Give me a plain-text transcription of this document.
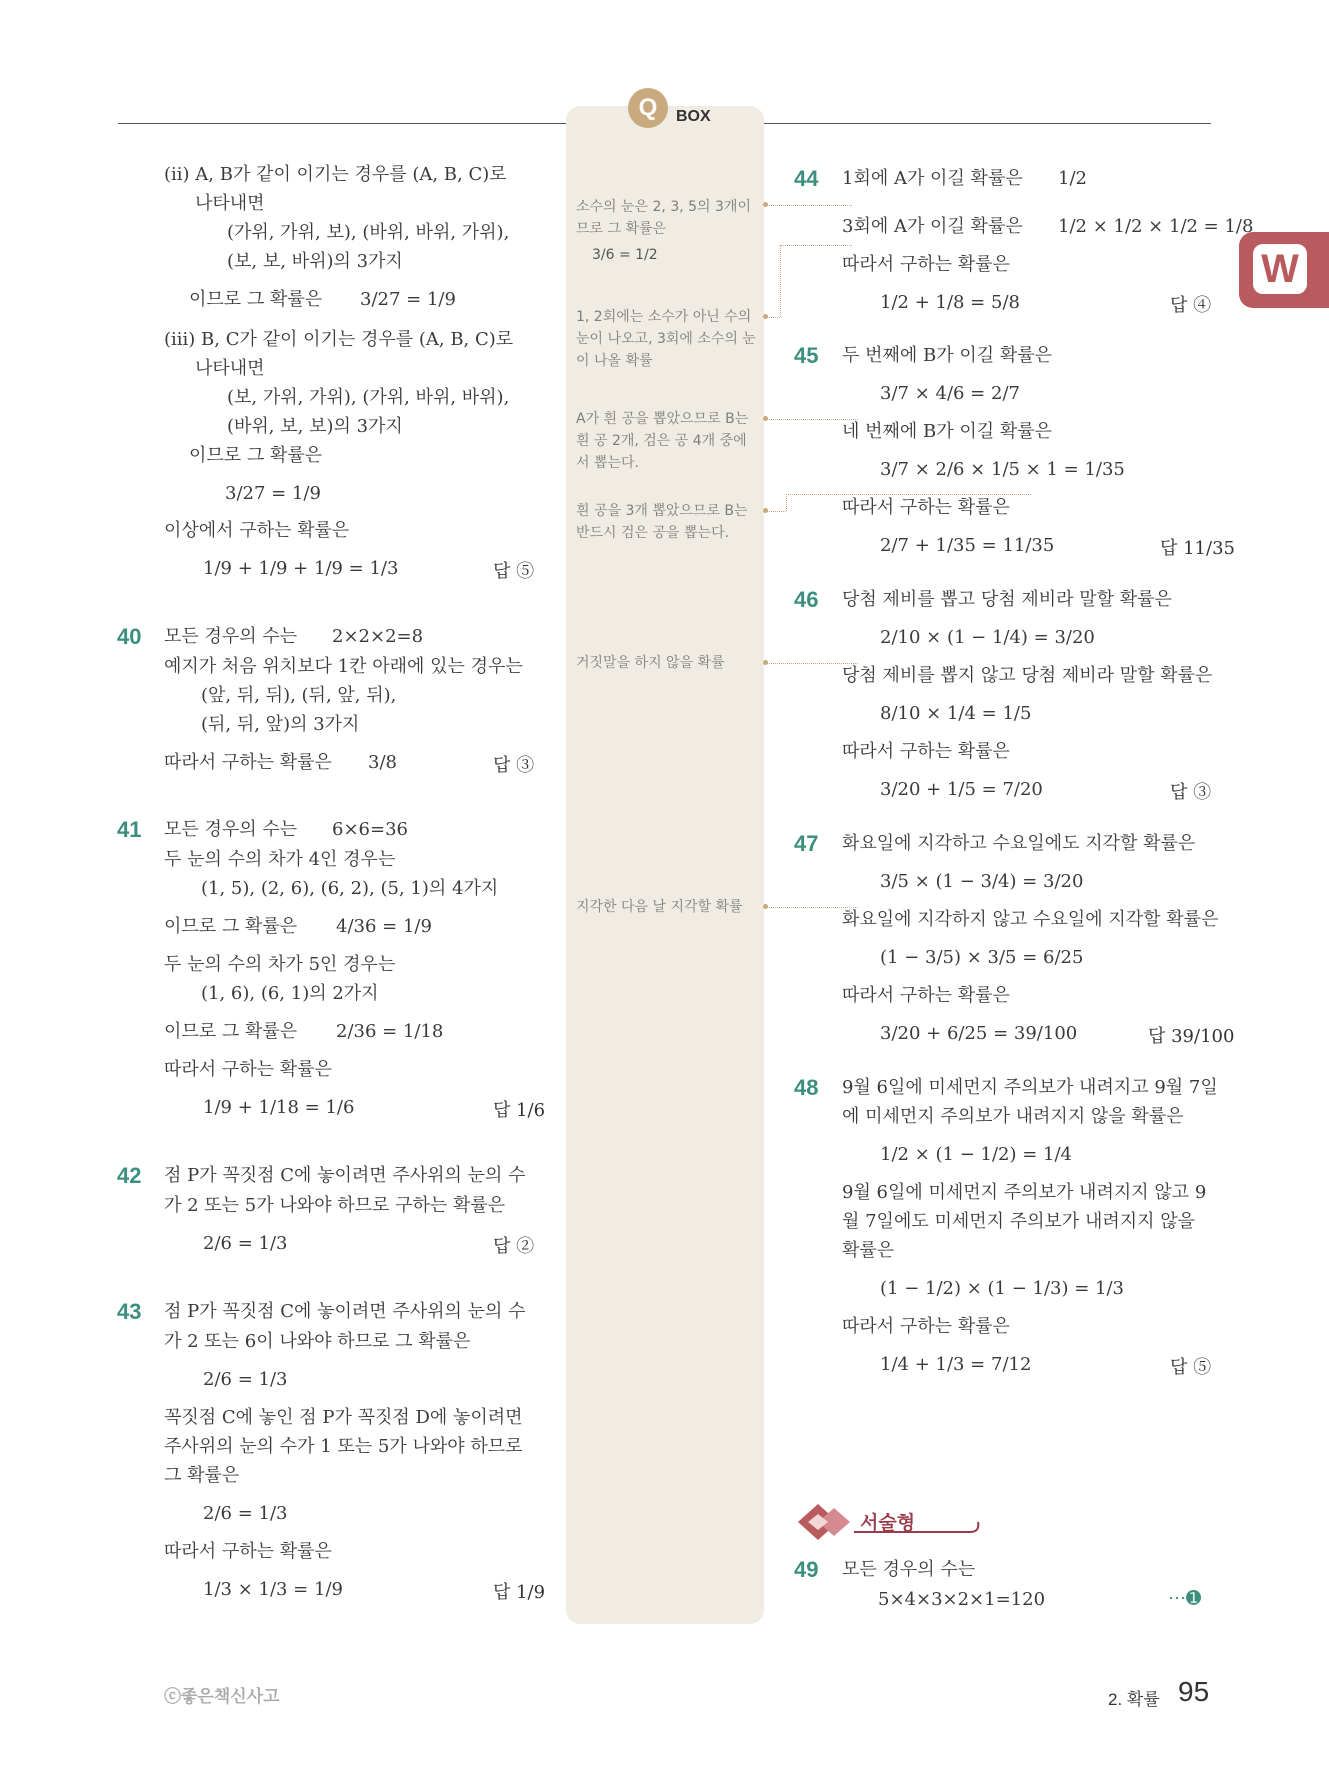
Q	BOX
W
(ii) A, B가 같이 이기는 경우를 (A, B, C)로
나타내면
(가위, 가위, 보), (바위, 바위, 가위),
(보, 보, 바위)의 3가지
이므로 그 확률은 3/27 = 1/9
(iii) B, C가 같이 이기는 경우를 (A, B, C)로
나타내면
(보, 가위, 가위), (가위, 바위, 바위),
(바위, 보, 보)의 3가지
이므로 그 확률은
3/27 = 1/9
이상에서 구하는 확률은
1/9 + 1/9 + 1/9 = 1/3	답 ⑤
40 모든 경우의 수는 2×2×2=8
예지가 처음 위치보다 1칸 아래에 있는 경우는
(앞, 뒤, 뒤), (뒤, 앞, 뒤),
(뒤, 뒤, 앞)의 3가지
따라서 구하는 확률은 3/8	답 ③
41 모든 경우의 수는 6×6=36
두 눈의 수의 차가 4인 경우는
(1, 5), (2, 6), (6, 2), (5, 1)의 4가지
이므로 그 확률은 4/36 = 1/9
두 눈의 수의 차가 5인 경우는
(1, 6), (6, 1)의 2가지
이므로 그 확률은 2/36 = 1/18
따라서 구하는 확률은
1/9 + 1/18 = 1/6	답 1/6
42 점 P가 꼭짓점 C에 놓이려면 주사위의 눈의 수
가 2 또는 5가 나와야 하므로 구하는 확률은
2/6 = 1/3	답 ②
43 점 P가 꼭짓점 C에 놓이려면 주사위의 눈의 수
가 2 또는 6이 나와야 하므로 그 확률은
2/6 = 1/3
꼭짓점 C에 놓인 점 P가 꼭짓점 D에 놓이려면
주사위의 눈의 수가 1 또는 5가 나와야 하므로
그 확률은
2/6 = 1/3
따라서 구하는 확률은
1/3 × 1/3 = 1/9	답 1/9
소수의 눈은 2, 3, 5의 3개이므로 그 확률은
3/6 = 1/2
1, 2회에는 소수가 아닌 수의 눈이 나오고, 3회에 소수의 눈이 나올 확률
A가 흰 공을 뽑았으므로 B는 흰 공 2개, 검은 공 4개 중에서 뽑는다.
흰 공을 3개 뽑았으므로 B는 반드시 검은 공을 뽑는다.
거짓말을 하지 않을 확률
지각한 다음 날 지각할 확률
44 1회에 A가 이길 확률은 1/2
3회에 A가 이길 확률은 1/2 × 1/2 × 1/2 = 1/8
따라서 구하는 확률은
1/2 + 1/8 = 5/8	답 ④
45 두 번째에 B가 이길 확률은
3/7 × 4/6 = 2/7
네 번째에 B가 이길 확률은
3/7 × 2/6 × 1/5 × 1 = 1/35
따라서 구하는 확률은
2/7 + 1/35 = 11/35	답 11/35
46 당첨 제비를 뽑고 당첨 제비라 말할 확률은
2/10 × (1 − 1/4) = 3/20
당첨 제비를 뽑지 않고 당첨 제비라 말할 확률은
8/10 × 1/4 = 1/5
따라서 구하는 확률은
3/20 + 1/5 = 7/20	답 ③
47 화요일에 지각하고 수요일에도 지각할 확률은
3/5 × (1 − 3/4) = 3/20
화요일에 지각하지 않고 수요일에 지각할 확률은
(1 − 3/5) × 3/5 = 6/25
따라서 구하는 확률은
3/20 + 6/25 = 39/100	답 39/100
48 9월 6일에 미세먼지 주의보가 내려지고 9월 7일
에 미세먼지 주의보가 내려지지 않을 확률은
1/2 × (1 − 1/2) = 1/4
9월 6일에 미세먼지 주의보가 내려지지 않고 9
월 7일에도 미세먼지 주의보가 내려지지 않을
확률은
(1 − 1/2) × (1 − 1/3) = 1/3
따라서 구하는 확률은
1/4 + 1/3 = 7/12	답 ⑤
서술형
49 모든 경우의 수는
5×4×3×2×1=120	⋯➊
ⓒ좋은책신사고	2. 확률 95
